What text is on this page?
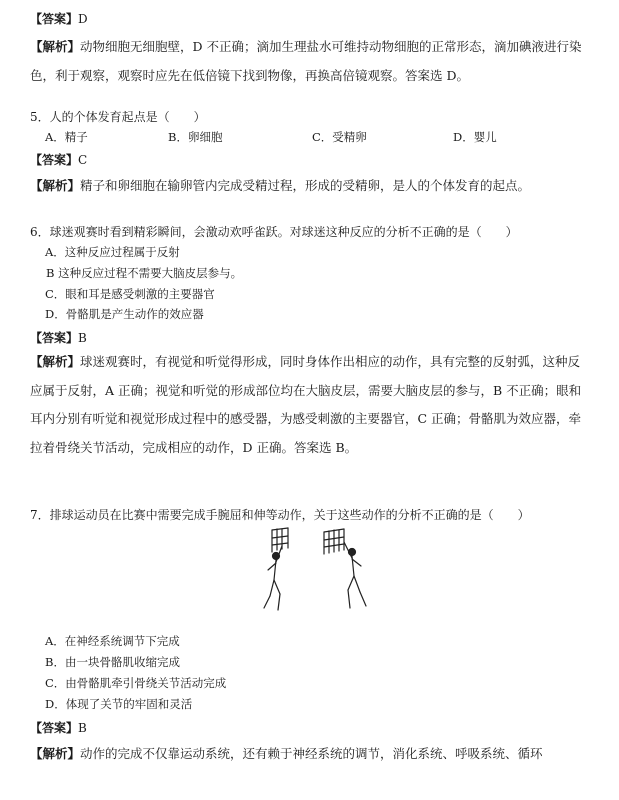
【答案】D
【解析】动物细胞无细胞壁，D 不正确；滴加生理盐水可维持动物细胞的正常形态，滴加碘液进行染色，利于观察，观察时应先在低倍镜下找到物像，再换高倍镜观察。答案选 D。
5．人的个体发育起点是（　　）
A．精子	B．卵细胞	C．受精卵	D．婴儿
【答案】C
【解析】精子和卵细胞在输卵管内完成受精过程，形成的受精卵，是人的个体发育的起点。
6．球迷观赛时看到精彩瞬间，会激动欢呼雀跃。对球迷这种反应的分析不正确的是（　　）
A．这种反应过程属于反射
B 这种反应过程不需要大脑皮层参与。
C．眼和耳是感受刺激的主要器官
D．骨骼肌是产生动作的效应器
【答案】B
【解析】球迷观赛时，有视觉和听觉得形成，同时身体作出相应的动作，具有完整的反射弧，这种反应属于反射，A 正确；视觉和听觉的形成部位均在大脑皮层，需要大脑皮层的参与，B 不正确；眼和耳内分别有听觉和视觉形成过程中的感受器，为感受刺激的主要器官，C 正确；骨骼肌为效应器，牵拉着骨绕关节活动，完成相应的动作，D 正确。答案选 B。
7．排球运动员在比赛中需要完成手腕屈和伸等动作，关于这些动作的分析不正确的是（　　）
A．在神经系统调节下完成
B．由一块骨骼肌收缩完成
C．由骨骼肌牵引骨绕关节活动完成
D．体现了关节的牢固和灵活
【答案】B
【解析】动作的完成不仅靠运动系统，还有赖于神经系统的调节，消化系统、呼吸系统、循环
